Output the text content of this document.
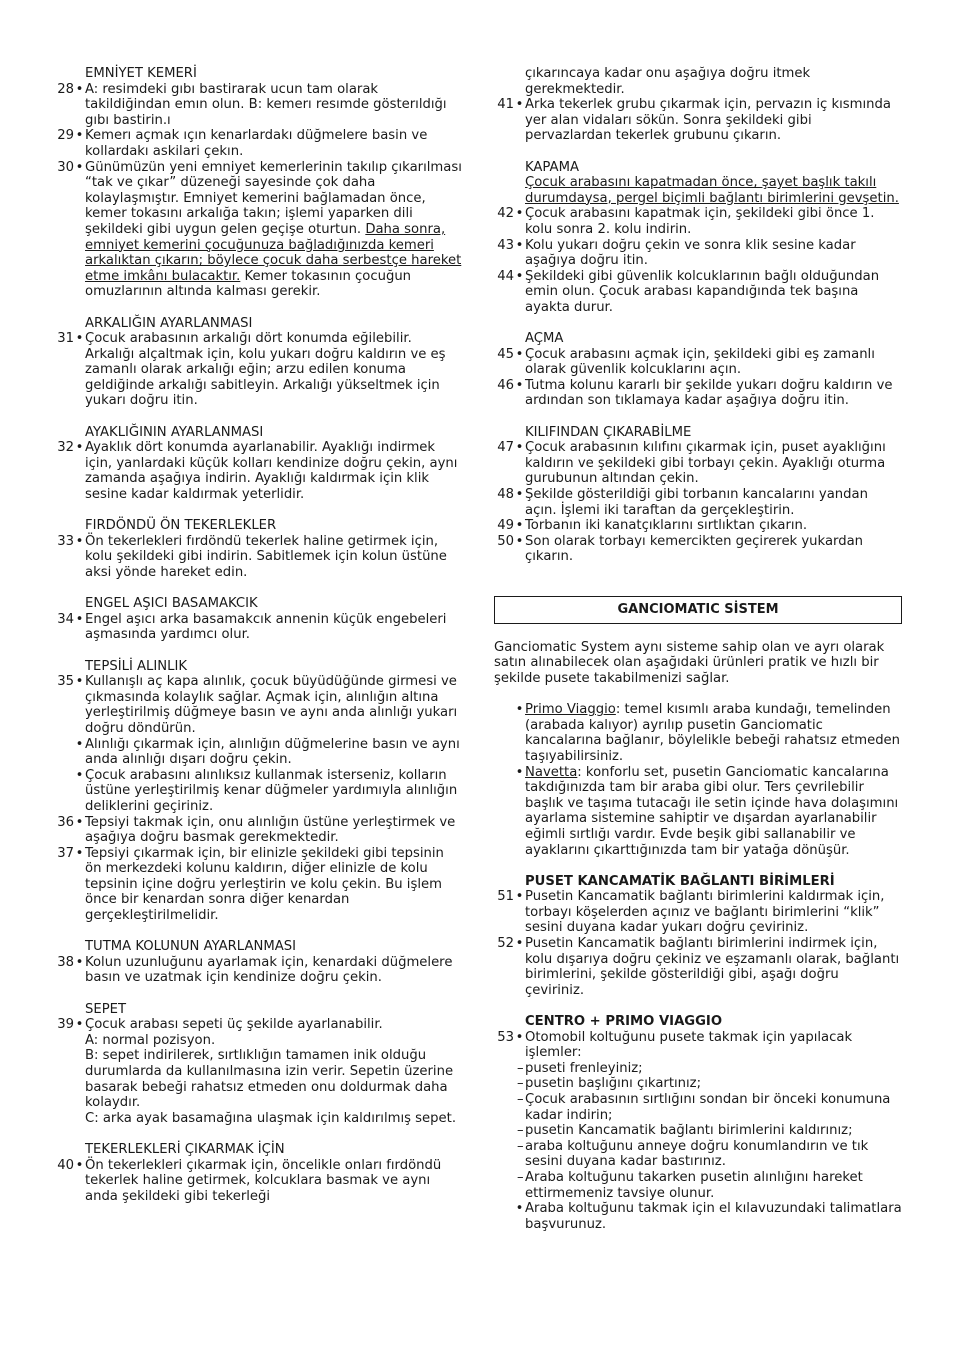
EMNİYET KEMERİ
28 • A: resimdeki gıbı bastirarak ucun tam olarak takildiğindan emın olun. B: kemerı resımde gösterıldığı gıbı bastirin.ı
29 • Kemerı açmak ıçın kenarlardakı düğmelere basin ve kollardakı askilari çekın.
30 • Günümüzün yeni emniyet kemerlerinin takılıp çıkarılması “tak ve çıkar” düzeneği sayesinde çok daha kolaylaşmıştır. Emniyet kemerini bağlamadan önce, kemer tokasını arkalığa takın; işlemi yaparken dili şekildeki gibi uygun gelen geçişe oturtun. Daha sonra, emniyet kemerini çocuğunuza bağladığınızda kemeri arkalıktan çıkarın; böylece çocuk daha serbestçe hareket etme imkânı bulacaktır. Kemer tokasının çocuğun omuzlarının altında kalması gerekir.
ARKALIĞIN AYARLANMASI
31 • Çocuk arabasının arkalığı dört konumda eğilebilir. Arkalığı alçaltmak için, kolu yukarı doğru kaldırın ve eş zamanlı olarak arkalığı eğin; arzu edilen konuma geldiğinde arkalığı sabitleyin. Arkalığı yükseltmek için yukarı doğru itin.
AYAKLIĞININ AYARLANMASI
32 • Ayaklık dört konumda ayarlanabilir. Ayaklığı indirmek için, yanlardaki küçük kolları kendinize doğru çekin, aynı zamanda aşağıya indirin. Ayaklığı kaldırmak için klik sesine kadar kaldırmak yeterlidir.
FIRDÖNDÜ ÖN TEKERLEKLER
33 • Ön tekerlekleri fırdöndü tekerlek haline getirmek için, kolu şekildeki gibi indirin. Sabitlemek için kolun üstüne aksi yönde hareket edin.
ENGEL AŞICI BASAMAKCIK
34 • Engel aşıcı arka basamakcık annenin küçük engebeleri aşmasında yardımcı olur.
TEPSİLİ ALINLIK
35 • Kullanışlı aç kapa alınlık, çocuk büyüdüğünde girmesi ve çıkmasında kolaylık sağlar. Açmak için, alınlığın altına yerleştirilmiş düğmeye basın ve aynı anda alınlığı yukarı doğru döndürün.
• Alınlığı çıkarmak için, alınlığın düğmelerine basın ve aynı anda alınlığı dışarı doğru çekin.
• Çocuk arabasını alınlıksız kullanmak isterseniz, kolların üstüne yerleştirilmiş kenar düğmeler yardımıyla alınlığın deliklerini geçiriniz.
36 • Tepsiyi takmak için, onu alınlığın üstüne yerleştirmek ve aşağıya doğru basmak gerekmektedir.
37 • Tepsiyi çıkarmak için, bir elinizle şekildeki gibi tepsinin ön merkezdeki kolunu kaldırın, diğer elinizle de kolu tepsinin içine doğru yerleştirin ve kolu çekin. Bu işlem önce bir kenardan sonra diğer kenardan gerçekleştirilmelidir.
TUTMA KOLUNUN AYARLANMASI
38 • Kolun uzunluğunu ayarlamak için, kenardaki düğmelere basın ve uzatmak için kendinize doğru çekin.
SEPET
39 • Çocuk arabası sepeti üç şekilde ayarlanabilir.
A: normal pozisyon.
B: sepet indirilerek, sırtlıklığın tamamen inik olduğu durumlarda da kullanılmasına izin verir. Sepetin üzerine basarak bebeği rahatsız etmeden onu doldurmak daha kolaydır.
C: arka ayak basamağına ulaşmak için kaldırılmış sepet.
TEKERLEKLERİ ÇIKARMAK İÇİN
40 • Ön tekerlekleri çıkarmak için, öncelikle onları fırdöndü tekerlek haline getirmek, kolcuklara basmak ve aynı anda şekildeki gibi tekerleği
çıkarıncaya kadar onu aşağıya doğru itmek gerekmektedir.
41 • Arka tekerlek grubu çıkarmak için, pervazın iç kısmında yer alan vidaları sökün. Sonra şekildeki gibi pervazlardan tekerlek grubunu çıkarın.
KAPAMA
Çocuk arabasını kapatmadan önce, şayet başlık takılı durumdaysa, pergel biçimli bağlantı birimlerini gevşetin.
42 • Çocuk arabasını kapatmak için, şekildeki gibi önce 1. kolu sonra 2. kolu indirin.
43 • Kolu yukarı doğru çekin ve sonra klik sesine kadar aşağıya doğru itin.
44 • Şekildeki gibi güvenlik kolcuklarının bağlı olduğundan emin olun. Çocuk arabası kapandığında tek başına ayakta durur.
AÇMA
45 • Çocuk arabasını açmak için, şekildeki gibi eş zamanlı olarak güvenlik kolcuklarını açın.
46 • Tutma kolunu kararlı bir şekilde yukarı doğru kaldırın ve ardından son tıklamaya kadar aşağıya doğru itin.
KILIFINDAN ÇIKARABİLME
47 • Çocuk arabasının kılıfını çıkarmak için, puset ayaklığını kaldırın ve şekildeki gibi torbayı çekin. Ayaklığı oturma gurubunun altından çekin.
48 • Şekilde gösterildiği gibi torbanın kancalarını yandan açın. İşlemi iki taraftan da gerçekleştirin.
49 • Torbanın iki kanatçıklarını sırtlıktan çıkarın.
50 • Son olarak torbayı kemercikten geçirerek yukardan çıkarın.
GANCIOMATIC SİSTEM
Ganciomatic System aynı sisteme sahip olan ve ayrı olarak satın alınabilecek olan aşağıdaki ürünleri pratik ve hızlı bir şekilde pusete takabilmenizi sağlar.
• Primo Viaggio: temel kısımlı araba kundağı, temelinden (arabada kalıyor) ayrılıp pusetin Ganciomatic kancalarına bağlanır, böylelikle bebeği rahatsız etmeden taşıyabilirsiniz.
• Navetta: konforlu set, pusetin Ganciomatic kancalarına takdığınızda tam bir araba gibi olur. Ters çevrilebilir başlık ve taşıma tutacağı ile setin içinde hava dolaşımını ayarlama sistemine sahiptir ve dışardan ayarlanabilir eğimli sırtlığı vardır. Evde beşik gibi sallanabilir ve ayaklarını çıkarttığınızda tam bir yatağa dönüşür.
PUSET KANCAMATİK BAĞLANTI BİRİMLERİ
51 • Pusetin Kancamatik bağlantı birimlerini kaldırmak için, torbayı köşelerden açınız ve bağlantı birimlerini “klik” sesini duyana kadar yukarı doğru çeviriniz.
52 • Pusetin Kancamatik bağlantı birimlerini indirmek için, kolu dışarıya doğru çekiniz ve eşzamanlı olarak, bağlantı birimlerini, şekilde gösterildiği gibi, aşağı doğru çeviriniz.
CENTRO + PRIMO VIAGGIO
53 • Otomobil koltuğunu pusete takmak için yapılacak işlemler:
– puseti frenleyiniz;
– pusetin başlığını çıkartınız;
– Çocuk arabasının sırtlığını sondan bir önceki konumuna kadar indirin;
– pusetin Kancamatik bağlantı birimlerini kaldırınız;
– araba koltuğunu anneye doğru konumlandırın ve tık sesini duyana kadar bastırınız.
– Araba koltuğunu takarken pusetin alınlığını hareket ettirmemeniz tavsiye olunur.
• Araba koltuğunu takmak için el kılavuzundaki talimatlara başvurunuz.
